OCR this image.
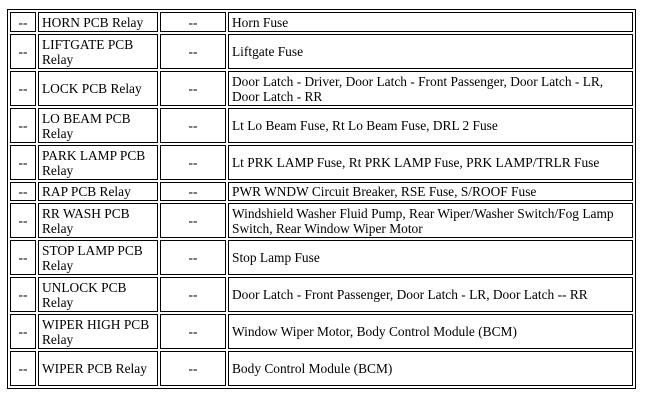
--	HORN PCB Relay	--	Horn Fuse
--	LIFTGATE PCB Relay	--	Liftgate Fuse
--	LOCK PCB Relay	--	Door Latch - Driver, Door Latch - Front Passenger, Door Latch - LR, Door Latch - RR
--	LO BEAM PCB Relay	--	Lt Lo Beam Fuse, Rt Lo Beam Fuse, DRL 2 Fuse
--	PARK LAMP PCB Relay	--	Lt PRK LAMP Fuse, Rt PRK LAMP Fuse, PRK LAMP/TRLR Fuse
--	RAP PCB Relay	--	PWR WNDW Circuit Breaker, RSE Fuse, S/ROOF Fuse
--	RR WASH PCB Relay	--	Windshield Washer Fluid Pump, Rear Wiper/Washer Switch/Fog Lamp Switch, Rear Window Wiper Motor
--	STOP LAMP PCB Relay	--	Stop Lamp Fuse
--	UNLOCK PCB Relay	--	Door Latch - Front Passenger, Door Latch - LR, Door Latch -- RR
--	WIPER HIGH PCB Relay	--	Window Wiper Motor, Body Control Module (BCM)
--	WIPER PCB Relay	--	Body Control Module (BCM)
